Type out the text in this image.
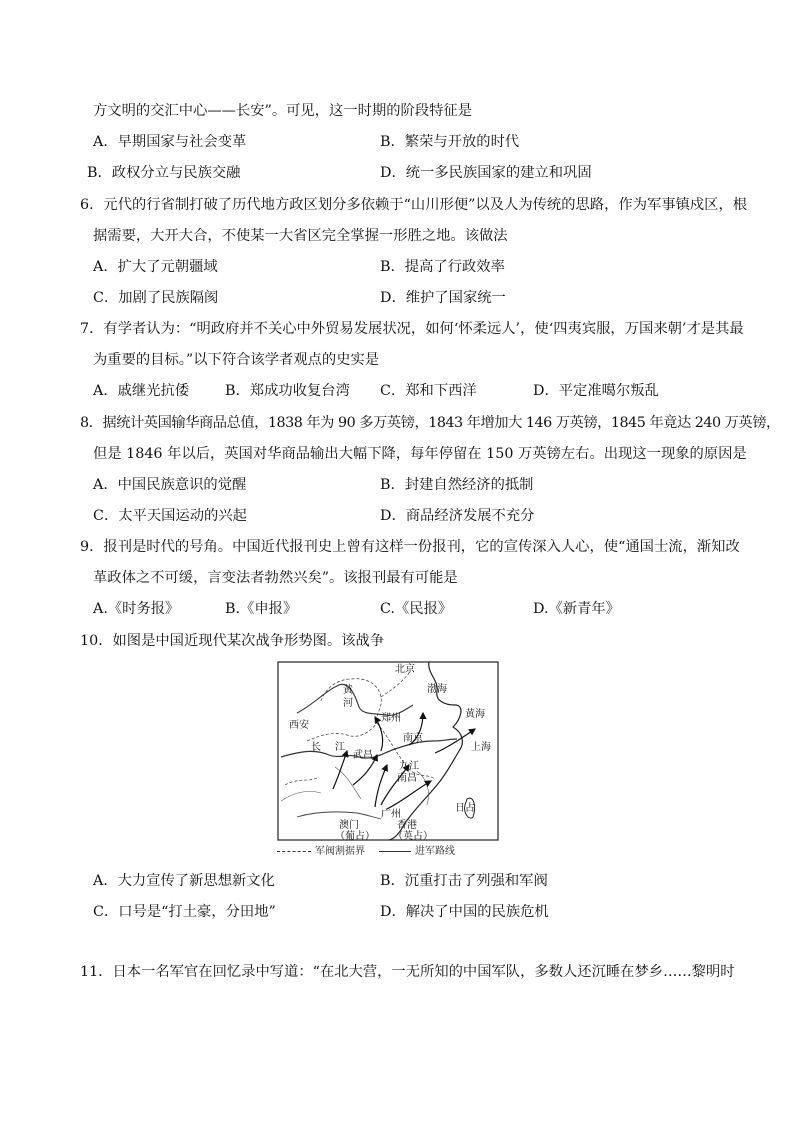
方文明的交汇中心——长安”。可见，这一时期的阶段特征是
A．早期国家与社会变革	B．繁荣与开放的时代
B．政权分立与民族交融	D．统一多民族国家的建立和巩固
6．元代的行省制打破了历代地方政区划分多依赖于“山川形便”以及人为传统的思路，作为军事镇戍区，根
据需要，大开大合，不使某一大省区完全掌握一形胜之地。该做法
A．扩大了元朝疆域	B．提高了行政效率
C．加剧了民族隔阂	D．维护了国家统一
7．有学者认为：“明政府并不关心中外贸易发展状况，如何‘怀柔远人’，使‘四夷宾服，万国来朝’才是其最
为重要的目标。”以下符合该学者观点的史实是
A．戚继光抗倭	B．郑成功收复台湾 C．郑和下西洋	D．平定准噶尔叛乱
8．据统计英国输华商品总值，1838 年为 90 多万英镑，1843 年增加大 146 万英镑，1845 年竟达 240 万英镑，
但是 1846 年以后，英国对华商品输出大幅下降，每年停留在 150 万英镑左右。出现这一现象的原因是
A．中国民族意识的觉醒	B．封建自然经济的抵制
C．太平天国运动的兴起	D．商品经济发展不充分
9．报刊是时代的号角。中国近代报刊史上曾有这样一份报刊，它的宣传深入人心，使“通国士流，渐知改
革政体之不可缓，言变法者勃然兴矣”。该报刊最有可能是
A.《时务报》	B.《申报》	C.《民报》	D.《新青年》
10．如图是中国近现代某次战争形势图。该战争
北京
渤海
黄
河
西安
郑州	黄海
南京
上海
长 江
武昌
九江
南昌
广州
澳门
（葡占）
香港
（英占）
日占
军阀割据界	进军路线
A．大力宣传了新思想新文化	B．沉重打击了列强和军阀
C．口号是“打土豪，分田地”	D．解决了中国的民族危机
11．日本一名军官在回忆录中写道：“在北大营，一无所知的中国军队，多数人还沉睡在梦乡……黎明时
